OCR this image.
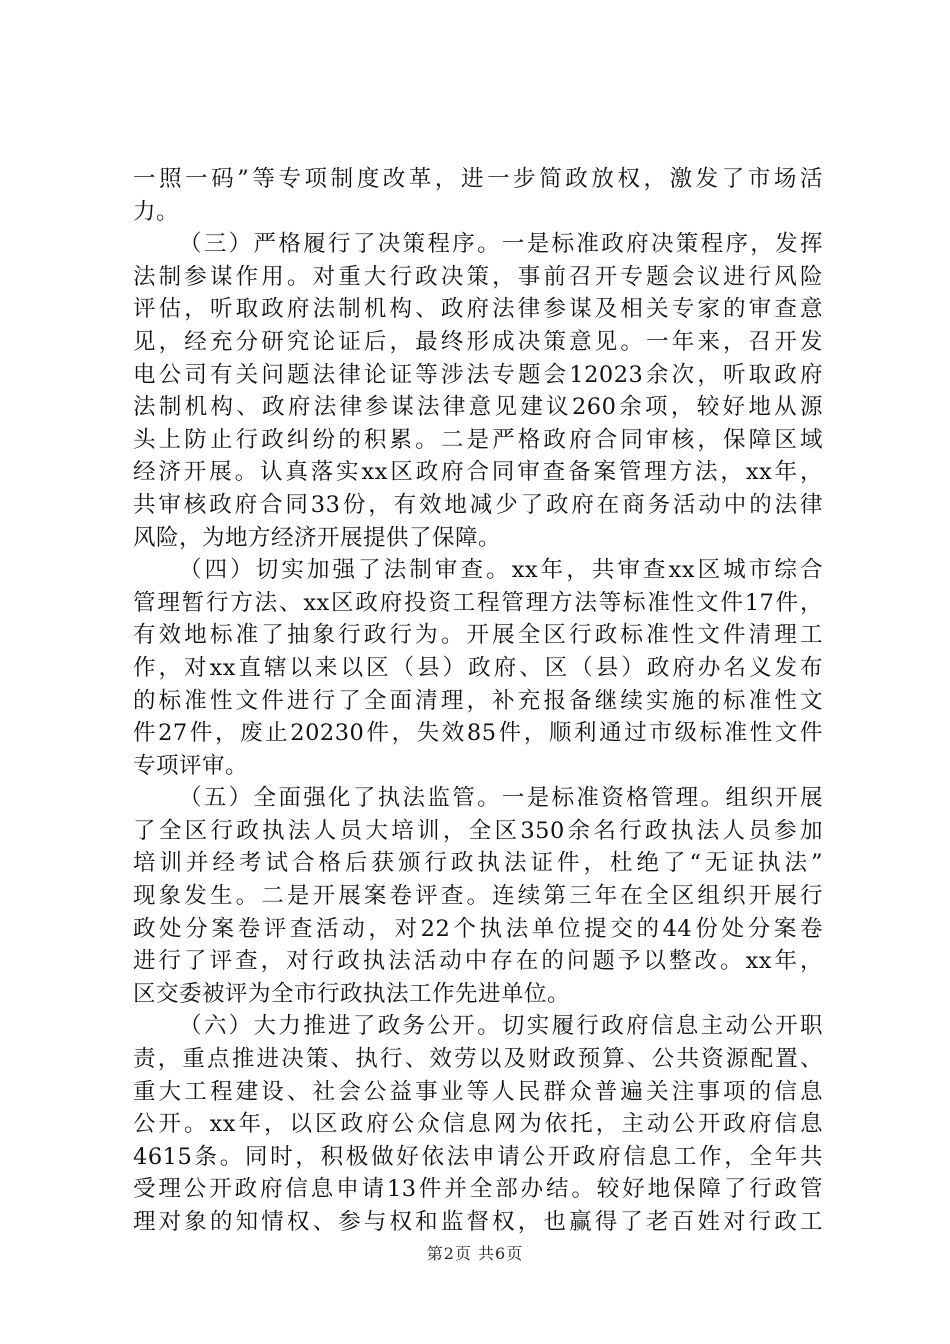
一照一码”等专项制度改革，进一步简政放权，激发了市场活
力。
（三）严格履行了决策程序。一是标准政府决策程序，发挥
法制参谋作用。对重大行政决策，事前召开专题会议进行风险
评估，听取政府法制机构、政府法律参谋及相关专家的审查意
见，经充分研究论证后，最终形成决策意见。一年来，召开发
电公司有关问题法律论证等涉法专题会12023余次，听取政府
法制机构、政府法律参谋法律意见建议260余项，较好地从源
头上防止行政纠纷的积累。二是严格政府合同审核，保障区域
经济开展。认真落实xx区政府合同审查备案管理方法，xx年，
共审核政府合同33份，有效地减少了政府在商务活动中的法律
风险，为地方经济开展提供了保障。
（四）切实加强了法制审查。xx年，共审查xx区城市综合
管理暂行方法、xx区政府投资工程管理方法等标准性文件17件，
有效地标准了抽象行政行为。开展全区行政标准性文件清理工
作，对xx直辖以来以区（县）政府、区（县）政府办名义发布
的标准性文件进行了全面清理，补充报备继续实施的标准性文
件27件，废止20230件，失效85件，顺利通过市级标准性文件
专项评审。
（五）全面强化了执法监管。一是标准资格管理。组织开展
了全区行政执法人员大培训，全区350余名行政执法人员参加
培训并经考试合格后获颁行政执法证件，杜绝了“无证执法”
现象发生。二是开展案卷评查。连续第三年在全区组织开展行
政处分案卷评查活动，对22个执法单位提交的44份处分案卷
进行了评查，对行政执法活动中存在的问题予以整改。xx年，
区交委被评为全市行政执法工作先进单位。
（六）大力推进了政务公开。切实履行政府信息主动公开职
责，重点推进决策、执行、效劳以及财政预算、公共资源配置、
重大工程建设、社会公益事业等人民群众普遍关注事项的信息
公开。xx年，以区政府公众信息网为依托，主动公开政府信息
4615条。同时，积极做好依法申请公开政府信息工作，全年共
受理公开政府信息申请13件并全部办结。较好地保障了行政管
理对象的知情权、参与权和监督权，也赢得了老百姓对行政工
第2页 共6页
